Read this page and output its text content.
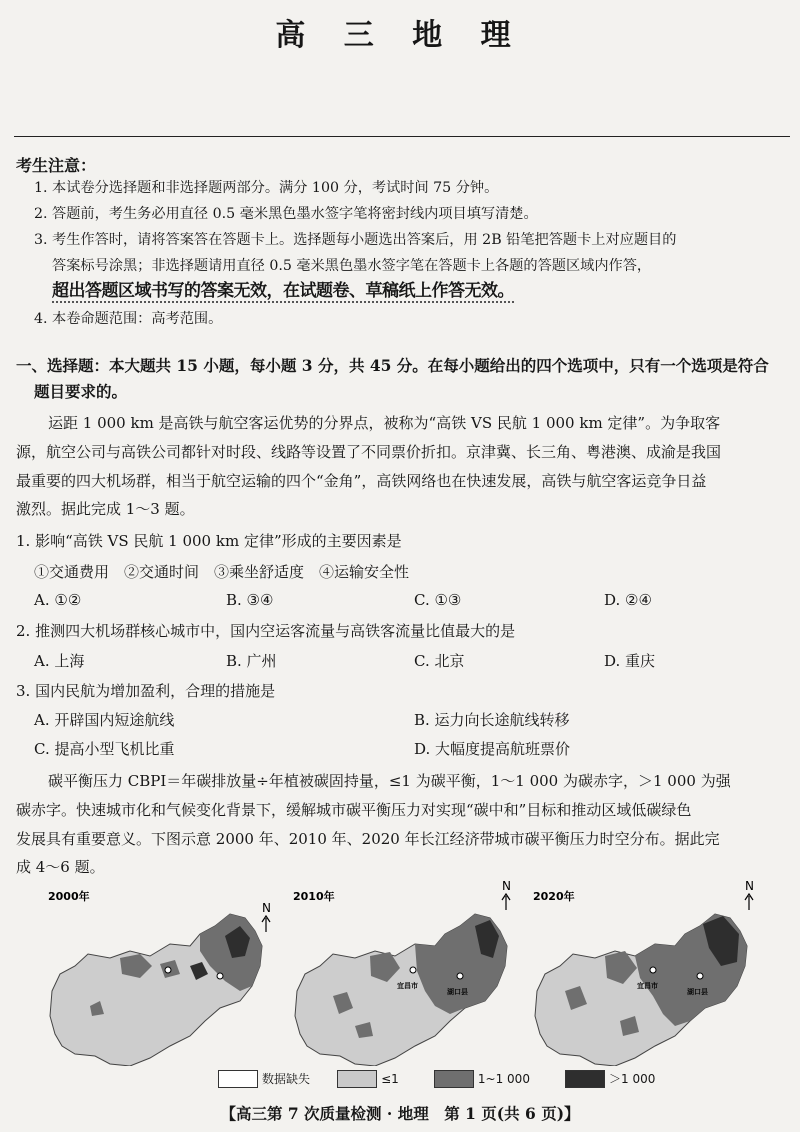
高 三 地 理
考生注意：
1. 本试卷分选择题和非选择题两部分。满分 100 分，考试时间 75 分钟。
2. 答题前，考生务必用直径 0.5 毫米黑色墨水签字笔将密封线内项目填写清楚。
3. 考生作答时，请将答案答在答题卡上。选择题每小题选出答案后，用 2B 铅笔把答题卡上对应题目的
答案标号涂黑；非选择题请用直径 0.5 毫米黑色墨水签字笔在答题卡上各题的答题区域内作答，
超出答题区域书写的答案无效，在试题卷、草稿纸上作答无效。
4. 本卷命题范围：高考范围。
一、选择题：本大题共 15 小题，每小题 3 分，共 45 分。在每小题给出的四个选项中，只有一个选项是符合
题目要求的。
运距 1 000 km 是高铁与航空客运优势的分界点，被称为“高铁 VS 民航 1 000 km 定律”。为争取客
源，航空公司与高铁公司都针对时段、线路等设置了不同票价折扣。京津冀、长三角、粤港澳、成渝是我国
最重要的四大机场群，相当于航空运输的四个“金角”，高铁网络也在快速发展，高铁与航空客运竞争日益
激烈。据此完成 1～3 题。
1. 影响“高铁 VS 民航 1 000 km 定律”形成的主要因素是
①交通费用　②交通时间　③乘坐舒适度　④运输安全性
A. ①②	B. ③④	C. ①③	D. ②④
2. 推测四大机场群核心城市中，国内空运客流量与高铁客流量比值最大的是
A. 上海	B. 广州	C. 北京	D. 重庆
3. 国内民航为增加盈利，合理的措施是
A. 开辟国内短途航线	B. 运力向长途航线转移
C. 提高小型飞机比重	D. 大幅度提高航班票价
碳平衡压力 CBPI＝年碳排放量÷年植被碳固持量，≤1 为碳平衡，1～1 000 为碳赤字，＞1 000 为强
碳赤字。快速城市化和气候变化背景下，缓解城市碳平衡压力对实现“碳中和”目标和推动区域低碳绿色
发展具有重要意义。下图示意 2000 年、2010 年、2020 年长江经济带城市碳平衡压力时空分布。据此完
成 4～6 题。
2000年
N
2010年
宜昌市
湖口县
N
2020年
宜昌市
湖口县
N
数据缺失	≤1	1~1 000	＞1 000
【高三第 7 次质量检测 · 地理　第 1 页(共 6 页)】
